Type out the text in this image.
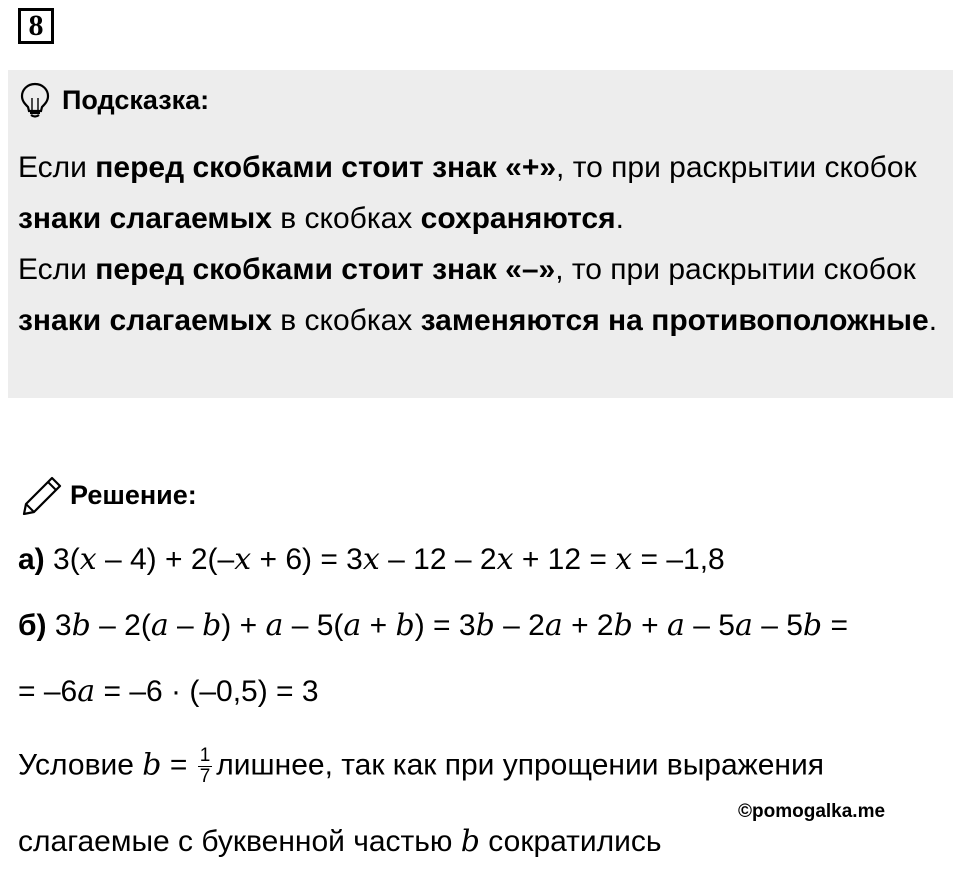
8
Подсказка:

Если перед скобками стоит знак «+», то при раскрытии скобок знаки слагаемых в скобках сохраняются.

Если перед скобками стоит знак «–», то при раскрытии скобок знаки слагаемых в скобках заменяются на противоположные.

Решение:
а) 3(x – 4) + 2(–x + 6) = 3x – 12 – 2x + 12 = x = –1,8
б) 3b – 2(a – b) + a – 5(a + b) = 3b – 2a + 2b + a – 5a – 5b =
= –6a = –6 · (–0,5) = 3
Условие $b = \frac{1}{7}$ лишнее, так как при упрощении выражения
©pomogalka.me
слагаемые с буквенной частью b сократились
